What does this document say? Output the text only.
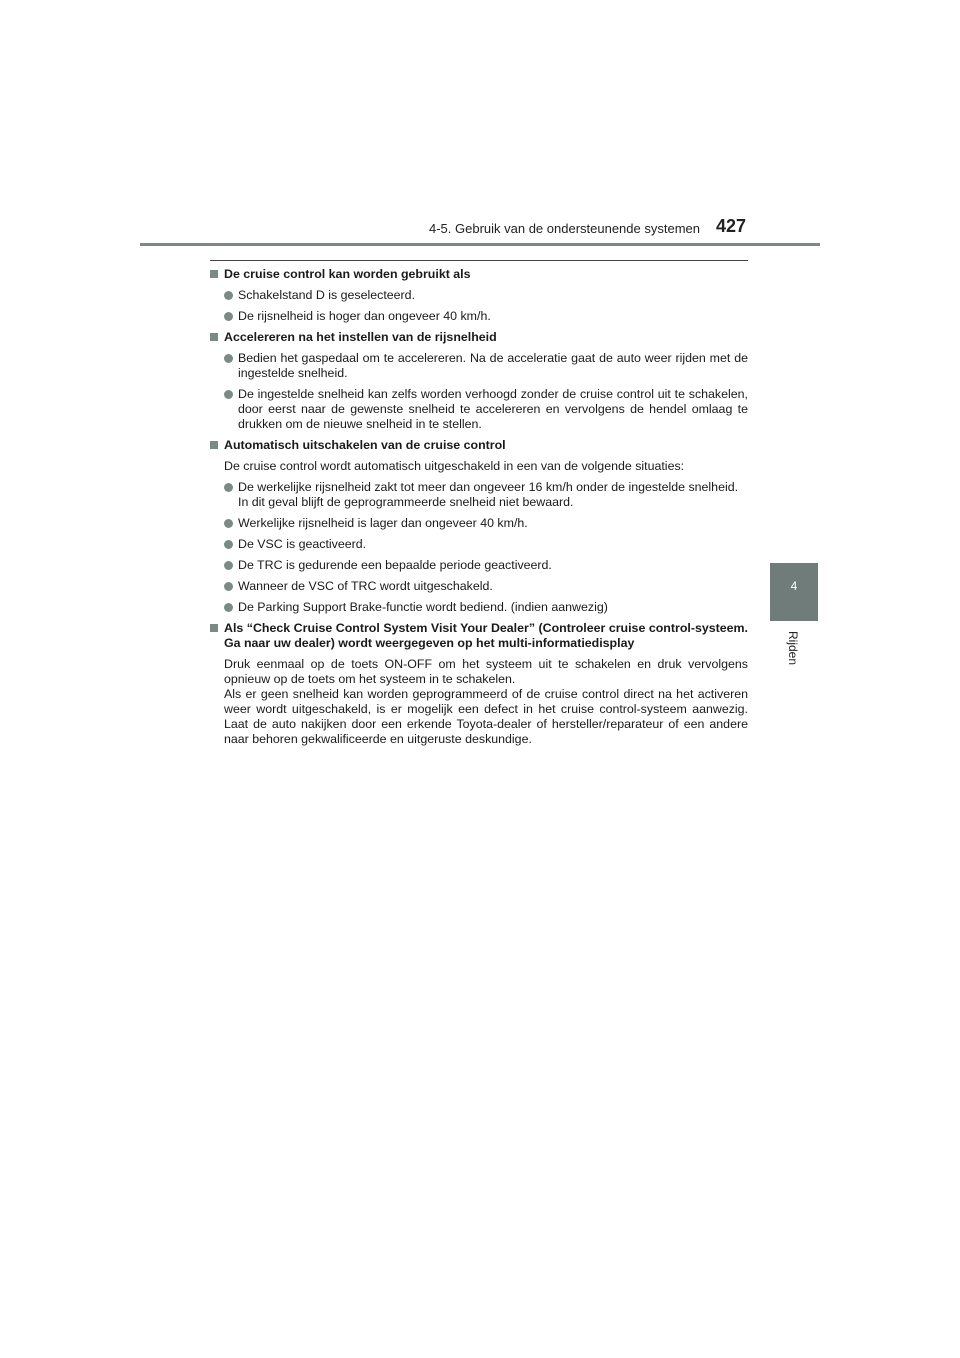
4-5. Gebruik van de ondersteunende systemen 427
4
Rijden
De cruise control kan worden gebruikt als
Schakelstand D is geselecteerd.
De rijsnelheid is hoger dan ongeveer 40 km/h.
Accelereren na het instellen van de rijsnelheid
Bedien het gaspedaal om te accelereren. Na de acceleratie gaat de auto weer rijden met de ingestelde snelheid.
De ingestelde snelheid kan zelfs worden verhoogd zonder de cruise control uit te schakelen, door eerst naar de gewenste snelheid te accelereren en vervolgens de hendel omlaag te drukken om de nieuwe snelheid in te stellen.
Automatisch uitschakelen van de cruise control
De cruise control wordt automatisch uitgeschakeld in een van de volgende situaties:
De werkelijke rijsnelheid zakt tot meer dan ongeveer 16 km/h onder de ingestelde snelheid.
In dit geval blijft de geprogrammeerde snelheid niet bewaard.
Werkelijke rijsnelheid is lager dan ongeveer 40 km/h.
De VSC is geactiveerd.
De TRC is gedurende een bepaalde periode geactiveerd.
Wanneer de VSC of TRC wordt uitgeschakeld.
De Parking Support Brake-functie wordt bediend. (indien aanwezig)
Als “Check Cruise Control System Visit Your Dealer” (Controleer cruise control-systeem. Ga naar uw dealer) wordt weergegeven op het multi-informatiedisplay
Druk eenmaal op de toets ON-OFF om het systeem uit te schakelen en druk vervolgens opnieuw op de toets om het systeem in te schakelen.
Als er geen snelheid kan worden geprogrammeerd of de cruise control direct na het activeren weer wordt uitgeschakeld, is er mogelijk een defect in het cruise control-systeem aanwezig. Laat de auto nakijken door een erkende Toyota-dealer of hersteller/reparateur of een andere naar behoren gekwalificeerde en uitgeruste deskundige.
